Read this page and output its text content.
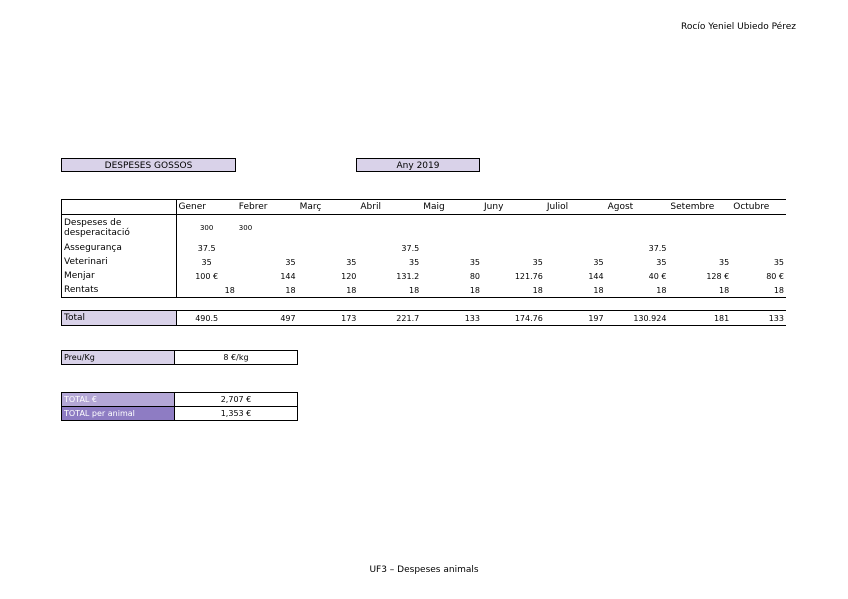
Rocío Yeniel Ubiedo Pérez
DESPESES GOSSOS	Any 2019
	Gener	Febrer	Març	Abril	Maig	Juny	Juliol	Agost	Setembre	Octubre
Despeses de desperacitació	300	300								
Assegurança	37.5			37.5				37.5		
Veterinari	35	35	35	35	35	35	35	35	35	35
Menjar	100 €	144	120	131.2	80	121.76	144	40 €	128 €	80 €
Rentats	18	18	18	18	18	18	18	18	18	18

Total	490.5	497	173	221.7	133	174.76	197	130.924	181	133
Preu/Kg	8 €/kg
TOTAL €	2,707 €
TOTAL per animal	1,353 €
UF3 – Despeses animals
